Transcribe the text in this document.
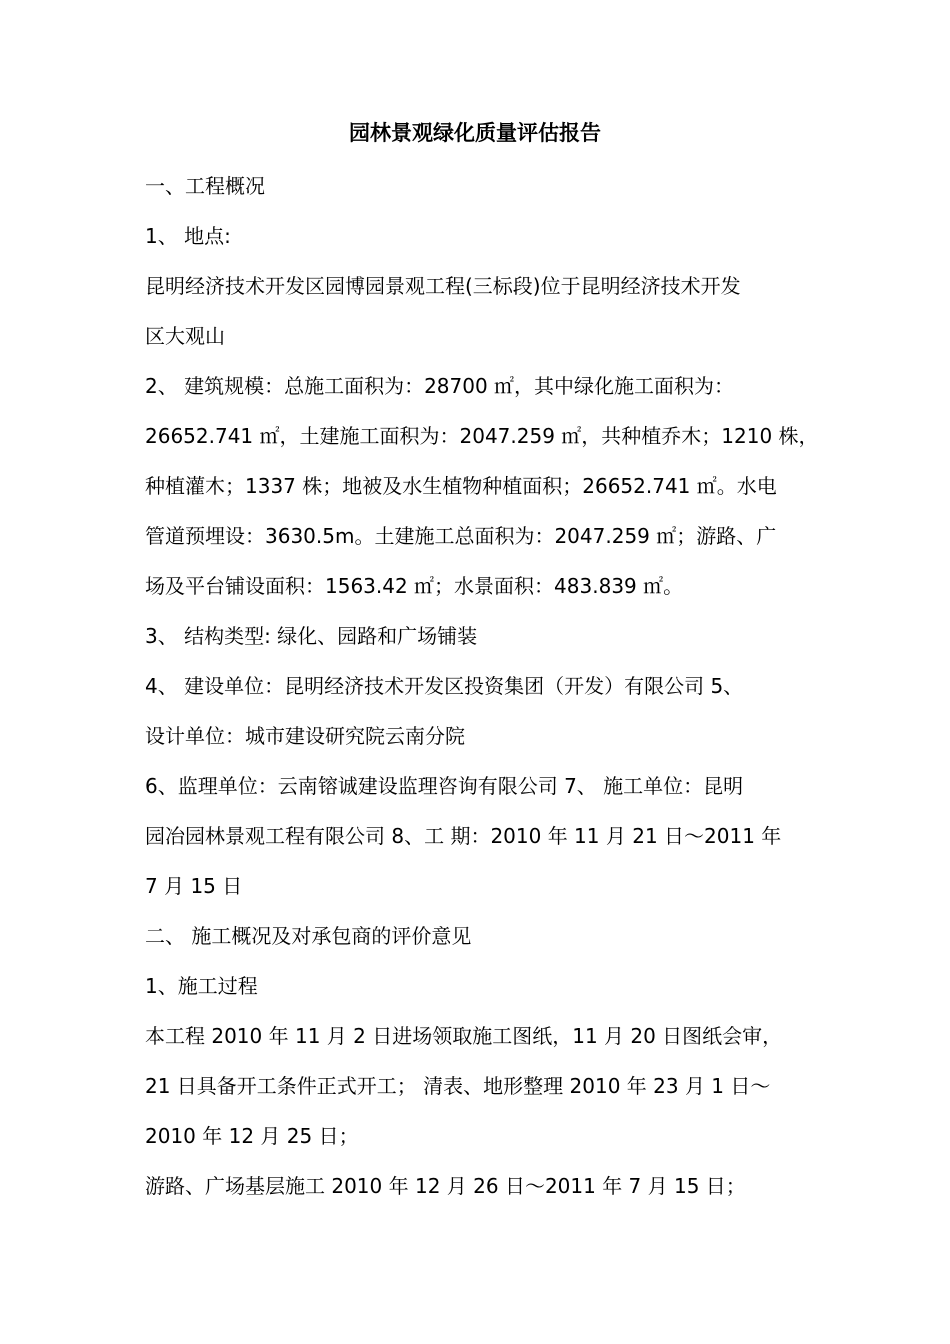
园林景观绿化质量评估报告
一、工程概况
1、 地点:
昆明经济技术开发区园博园景观工程(三标段)位于昆明经济技术开发
区大观山
2、 建筑规模：总施工面积为：28700 ㎡，其中绿化施工面积为：
26652.741 ㎡，土建施工面积为：2047.259 ㎡，共种植乔木；1210 株，
种植灌木；1337 株；地被及水生植物种植面积；26652.741 ㎡。水电
管道预埋设：3630.5m。土建施工总面积为：2047.259 ㎡；游路、广
场及平台铺设面积：1563.42 ㎡；水景面积：483.839 ㎡。
3、 结构类型: 绿化、园路和广场铺装
4、 建设单位：昆明经济技术开发区投资集团（开发）有限公司 5、
设计单位：城市建设研究院云南分院
6、监理单位：云南镕诚建设监理咨询有限公司 7、 施工单位：昆明
园冶园林景观工程有限公司 8、工 期：2010 年 11 月 21 日～2011 年
7 月 15 日
二、 施工概况及对承包商的评价意见
1、施工过程
本工程 2010 年 11 月 2 日进场领取施工图纸，11 月 20 日图纸会审，
21 日具备开工条件正式开工； 清表、地形整理 2010 年 23 月 1 日～
2010 年 12 月 25 日；
游路、广场基层施工 2010 年 12 月 26 日～2011 年 7 月 15 日；
